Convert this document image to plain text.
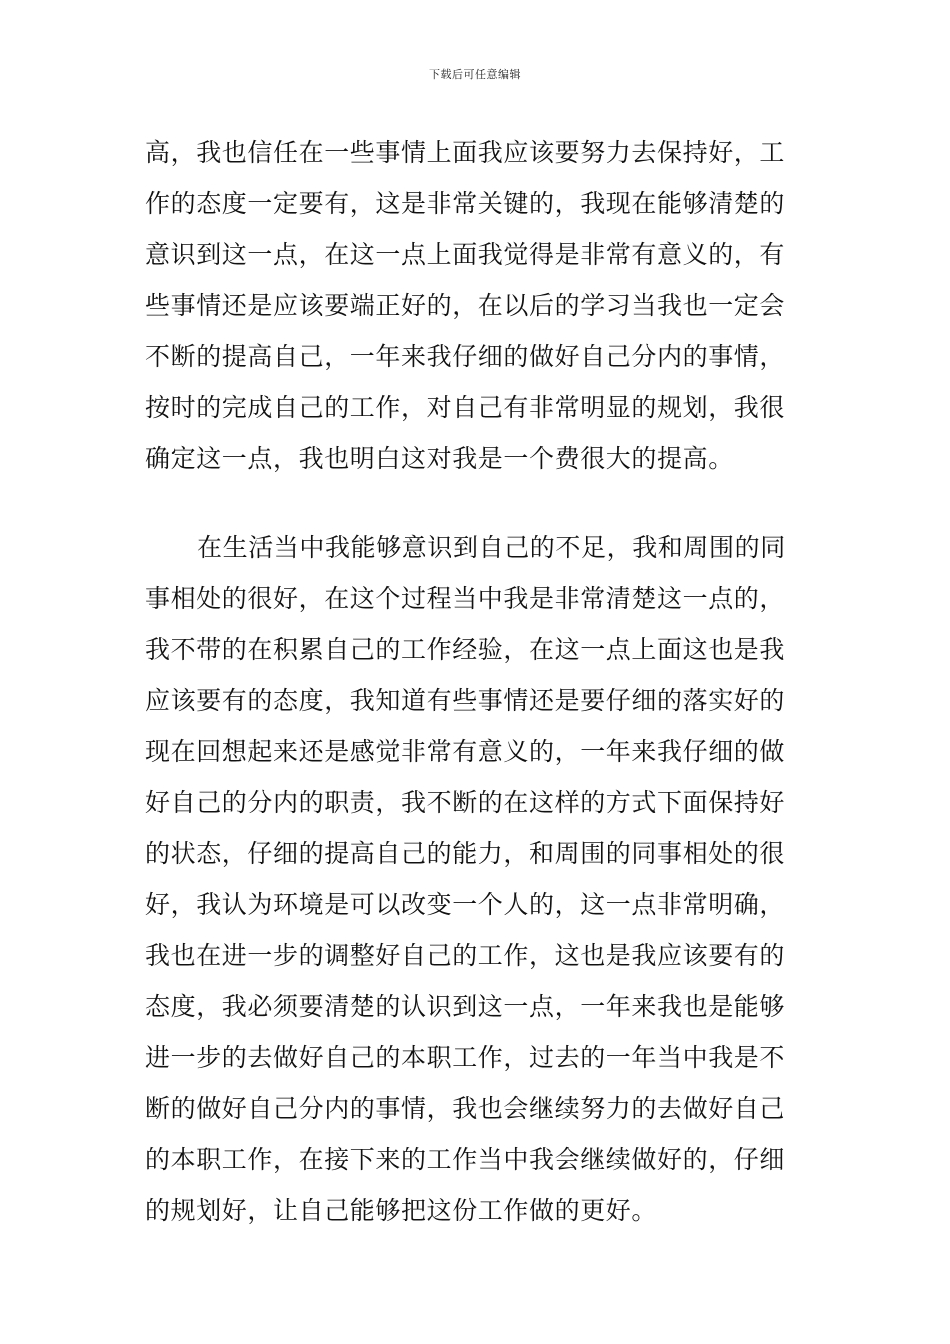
下载后可任意编辑
高，我也信任在一些事情上面我应该要努力去保持好，工
作的态度一定要有，这是非常关键的，我现在能够清楚的
意识到这一点，在这一点上面我觉得是非常有意义的，有
些事情还是应该要端正好的，在以后的学习当我也一定会
不断的提高自己，一年来我仔细的做好自己分内的事情，
按时的完成自己的工作，对自己有非常明显的规划，我很
确定这一点，我也明白这对我是一个费很大的提高。
在生活当中我能够意识到自己的不足，我和周围的同
事相处的很好，在这个过程当中我是非常清楚这一点的，
我不带的在积累自己的工作经验，在这一点上面这也是我
应该要有的态度，我知道有些事情还是要仔细的落实好的
现在回想起来还是感觉非常有意义的，一年来我仔细的做
好自己的分内的职责，我不断的在这样的方式下面保持好
的状态，仔细的提高自己的能力，和周围的同事相处的很
好，我认为环境是可以改变一个人的，这一点非常明确，
我也在进一步的调整好自己的工作，这也是我应该要有的
态度，我必须要清楚的认识到这一点，一年来我也是能够
进一步的去做好自己的本职工作，过去的一年当中我是不
断的做好自己分内的事情，我也会继续努力的去做好自己
的本职工作，在接下来的工作当中我会继续做好的，仔细
的规划好，让自己能够把这份工作做的更好。
